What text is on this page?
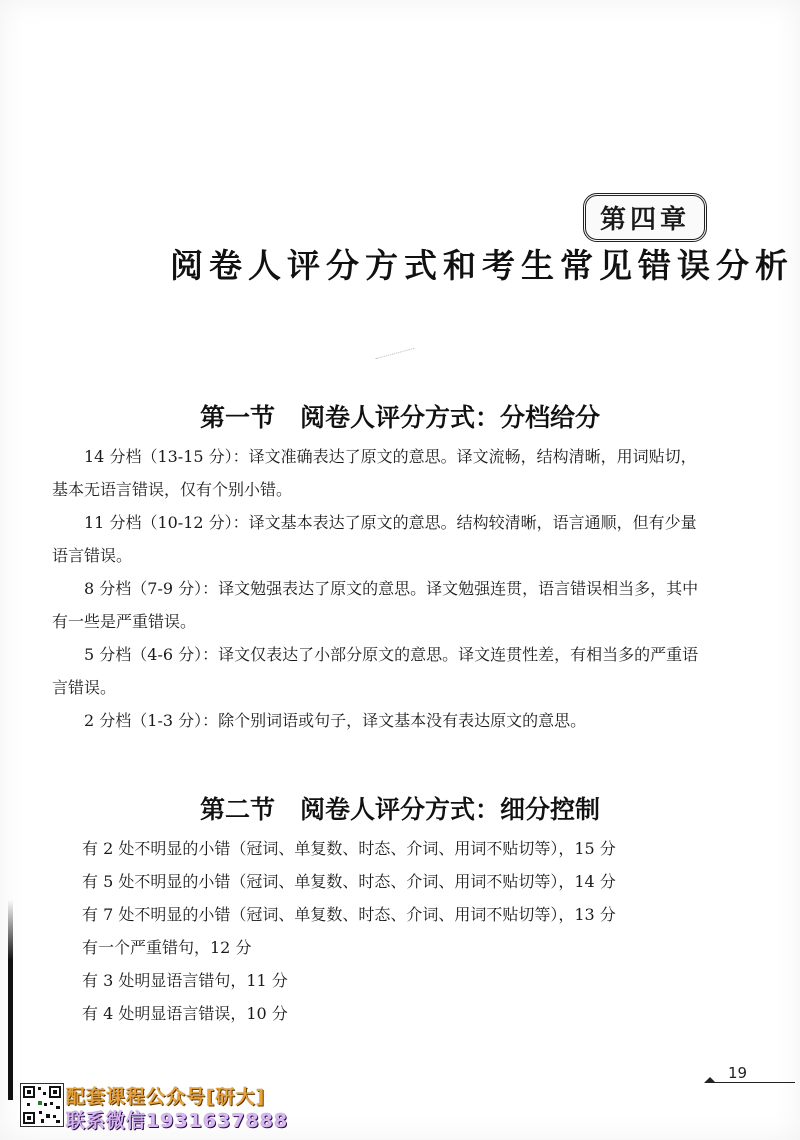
第四章
阅卷人评分方式和考生常见错误分析
第一节　阅卷人评分方式：分档给分

14 分档（13-15 分）：译文准确表达了原文的意思。译文流畅，结构清晰，用词贴切，基本无语言错误，仅有个别小错。

11 分档（10-12 分）：译文基本表达了原文的意思。结构较清晰，语言通顺，但有少量语言错误。

8 分档（7-9 分）：译文勉强表达了原文的意思。译文勉强连贯，语言错误相当多，其中有一些是严重错误。

5 分档（4-6 分）：译文仅表达了小部分原文的意思。译文连贯性差，有相当多的严重语言错误。

2 分档（1-3 分）：除个别词语或句子，译文基本没有表达原文的意思。

第二节　阅卷人评分方式：细分控制
有 2 处不明显的小错（冠词、单复数、时态、介词、用词不贴切等），15 分
有 5 处不明显的小错（冠词、单复数、时态、介词、用词不贴切等），14 分
有 7 处不明显的小错（冠词、单复数、时态、介词、用词不贴切等），13 分
有一个严重错句，12 分
有 3 处明显语言错句，11 分
有 4 处明显语言错误，10 分
19
配套课程公众号[研大]
联系微信1931637888
